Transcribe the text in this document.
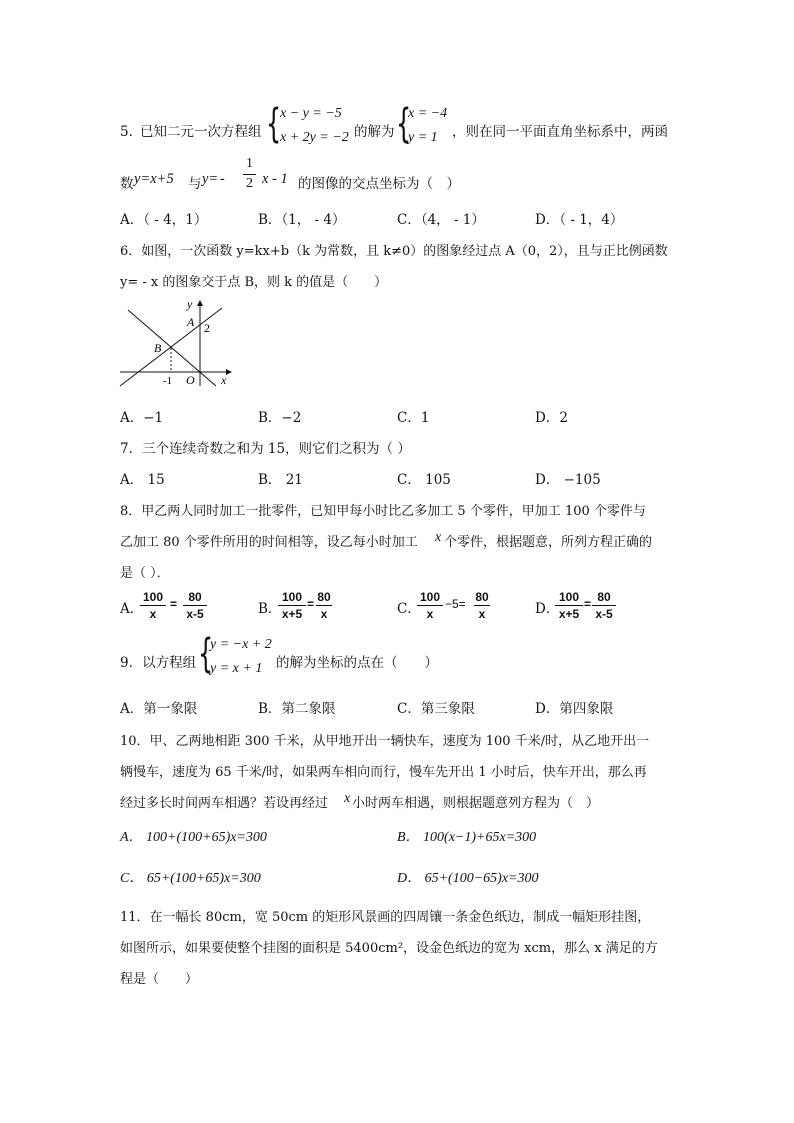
5．
已知二元一次方程组 {
x − y = −5
x + 2y = −2 的解为 {
x = −4
y = 1 ，则在同一平面直角坐标系中，两函
数 y=x+5 与 y= -
1
2 x - 1 的图像的交点坐标为（　）
A．（ - 4，1）	B．（1， - 4）	C．（4， - 1）	D．（ - 1，4）
6．如图，一次函数 y=kx+b（k 为常数，且 k≠0）的图象经过点 A（0，2），且与正比例函数
y= - x 的图象交于点 B，则 k 的值是（　　）
y
A 2
B
-1 O x
A．−1	B．−2	C．1	D．2
7．三个连续奇数之和为 15，则它们之积为（ ）
A． 15	B． 21	C． 105	D． −105
8．甲乙两人同时加工一批零件，已知甲每小时比乙多加工 5 个零件，甲加工 100 个零件与
乙加工 80 个零件所用的时间相等，设乙每小时加工 x 个零件，根据题意，所列方程正确的
是（ ）．
A．
100
x
= 80
x-5	B．
100
x+5
= 80
x	C．
100
x
−5= 80
x	D．
100
x+5
= 80
x-5
9．以方程组 {
y = −x + 2
y = x + 1 的解为坐标的点在（　　）
A．第一象限	B．第二象限	C．第三象限	D．第四象限
10．甲、乙两地相距 300 千米，从甲地开出一辆快车，速度为 100 千米/时，从乙地开出一
辆慢车，速度为 65 千米/时，如果两车相向而行，慢车先开出 1 小时后，快车开出，那么再
经过多长时间两车相遇？若设再经过 x 小时两车相遇，则根据题意列方程为（　）
A． 100+(100+65)x=300	B． 100(x−1)+65x=300
C． 65+(100+65)x=300	D． 65+(100−65)x=300
11．在一幅长 80cm，宽 50cm 的矩形风景画的四周镶一条金色纸边，制成一幅矩形挂图，
如图所示，如果要使整个挂图的面积是 5400cm²，设金色纸边的宽为 xcm，那么 x 满足的方
程是（　　）
